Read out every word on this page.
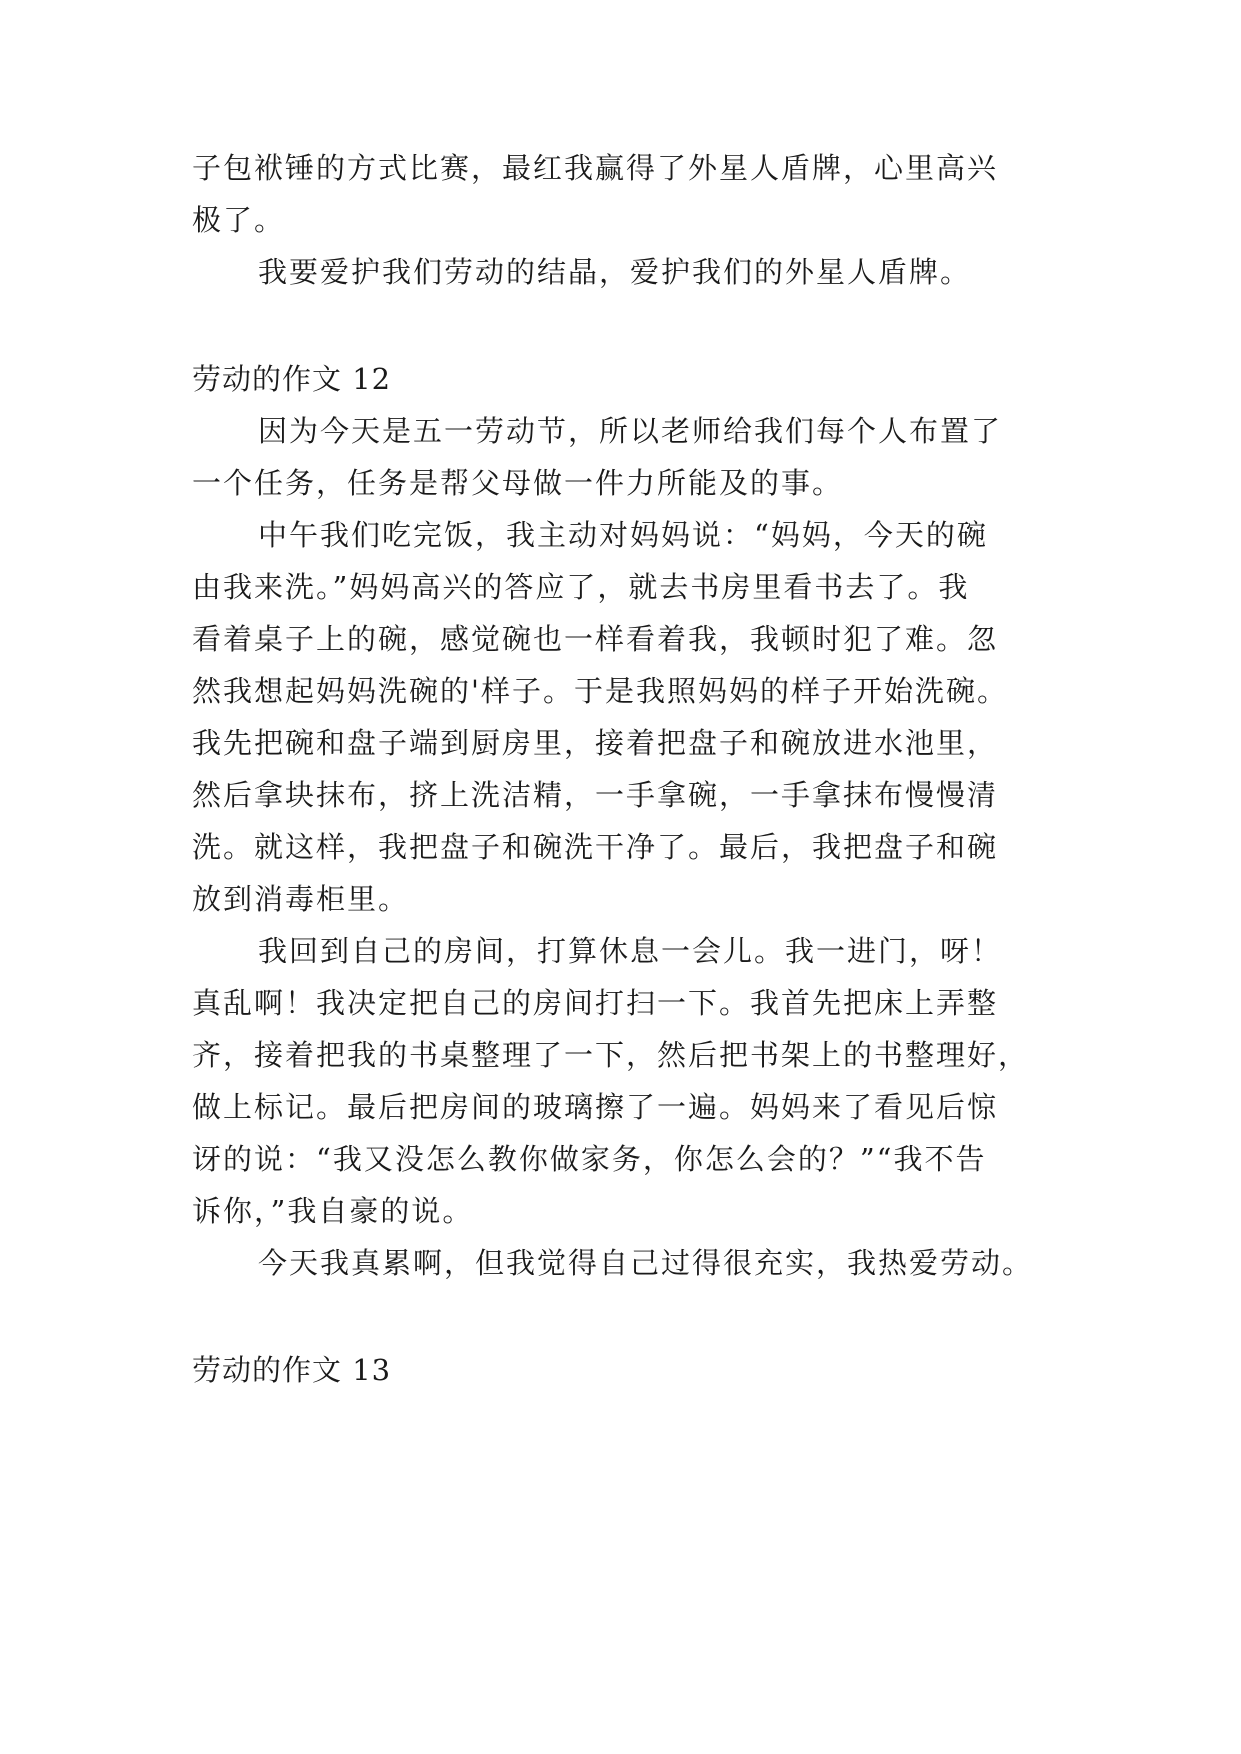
子包袱锤的方式比赛，最红我赢得了外星人盾牌，心里高兴
极了。
我要爱护我们劳动的结晶，爱护我们的外星人盾牌。
劳动的作文 12
因为今天是五一劳动节，所以老师给我们每个人布置了
一个任务，任务是帮父母做一件力所能及的事。
中午我们吃完饭，我主动对妈妈说：“妈妈，今天的碗
由我来洗。”妈妈高兴的答应了，就去书房里看书去了。我
看着桌子上的碗，感觉碗也一样看着我，我顿时犯了难。忽
然我想起妈妈洗碗的'样子。于是我照妈妈的样子开始洗碗。
我先把碗和盘子端到厨房里，接着把盘子和碗放进水池里，
然后拿块抹布，挤上洗洁精，一手拿碗，一手拿抹布慢慢清
洗。就这样，我把盘子和碗洗干净了。最后，我把盘子和碗
放到消毒柜里。
我回到自己的房间，打算休息一会儿。我一进门，呀！
真乱啊！我决定把自己的房间打扫一下。我首先把床上弄整
齐，接着把我的书桌整理了一下，然后把书架上的书整理好，
做上标记。最后把房间的玻璃擦了一遍。妈妈来了看见后惊
讶的说：“我又没怎么教你做家务，你怎么会的？”“我不告
诉你，”我自豪的说。
今天我真累啊，但我觉得自己过得很充实，我热爱劳动。
劳动的作文 13
